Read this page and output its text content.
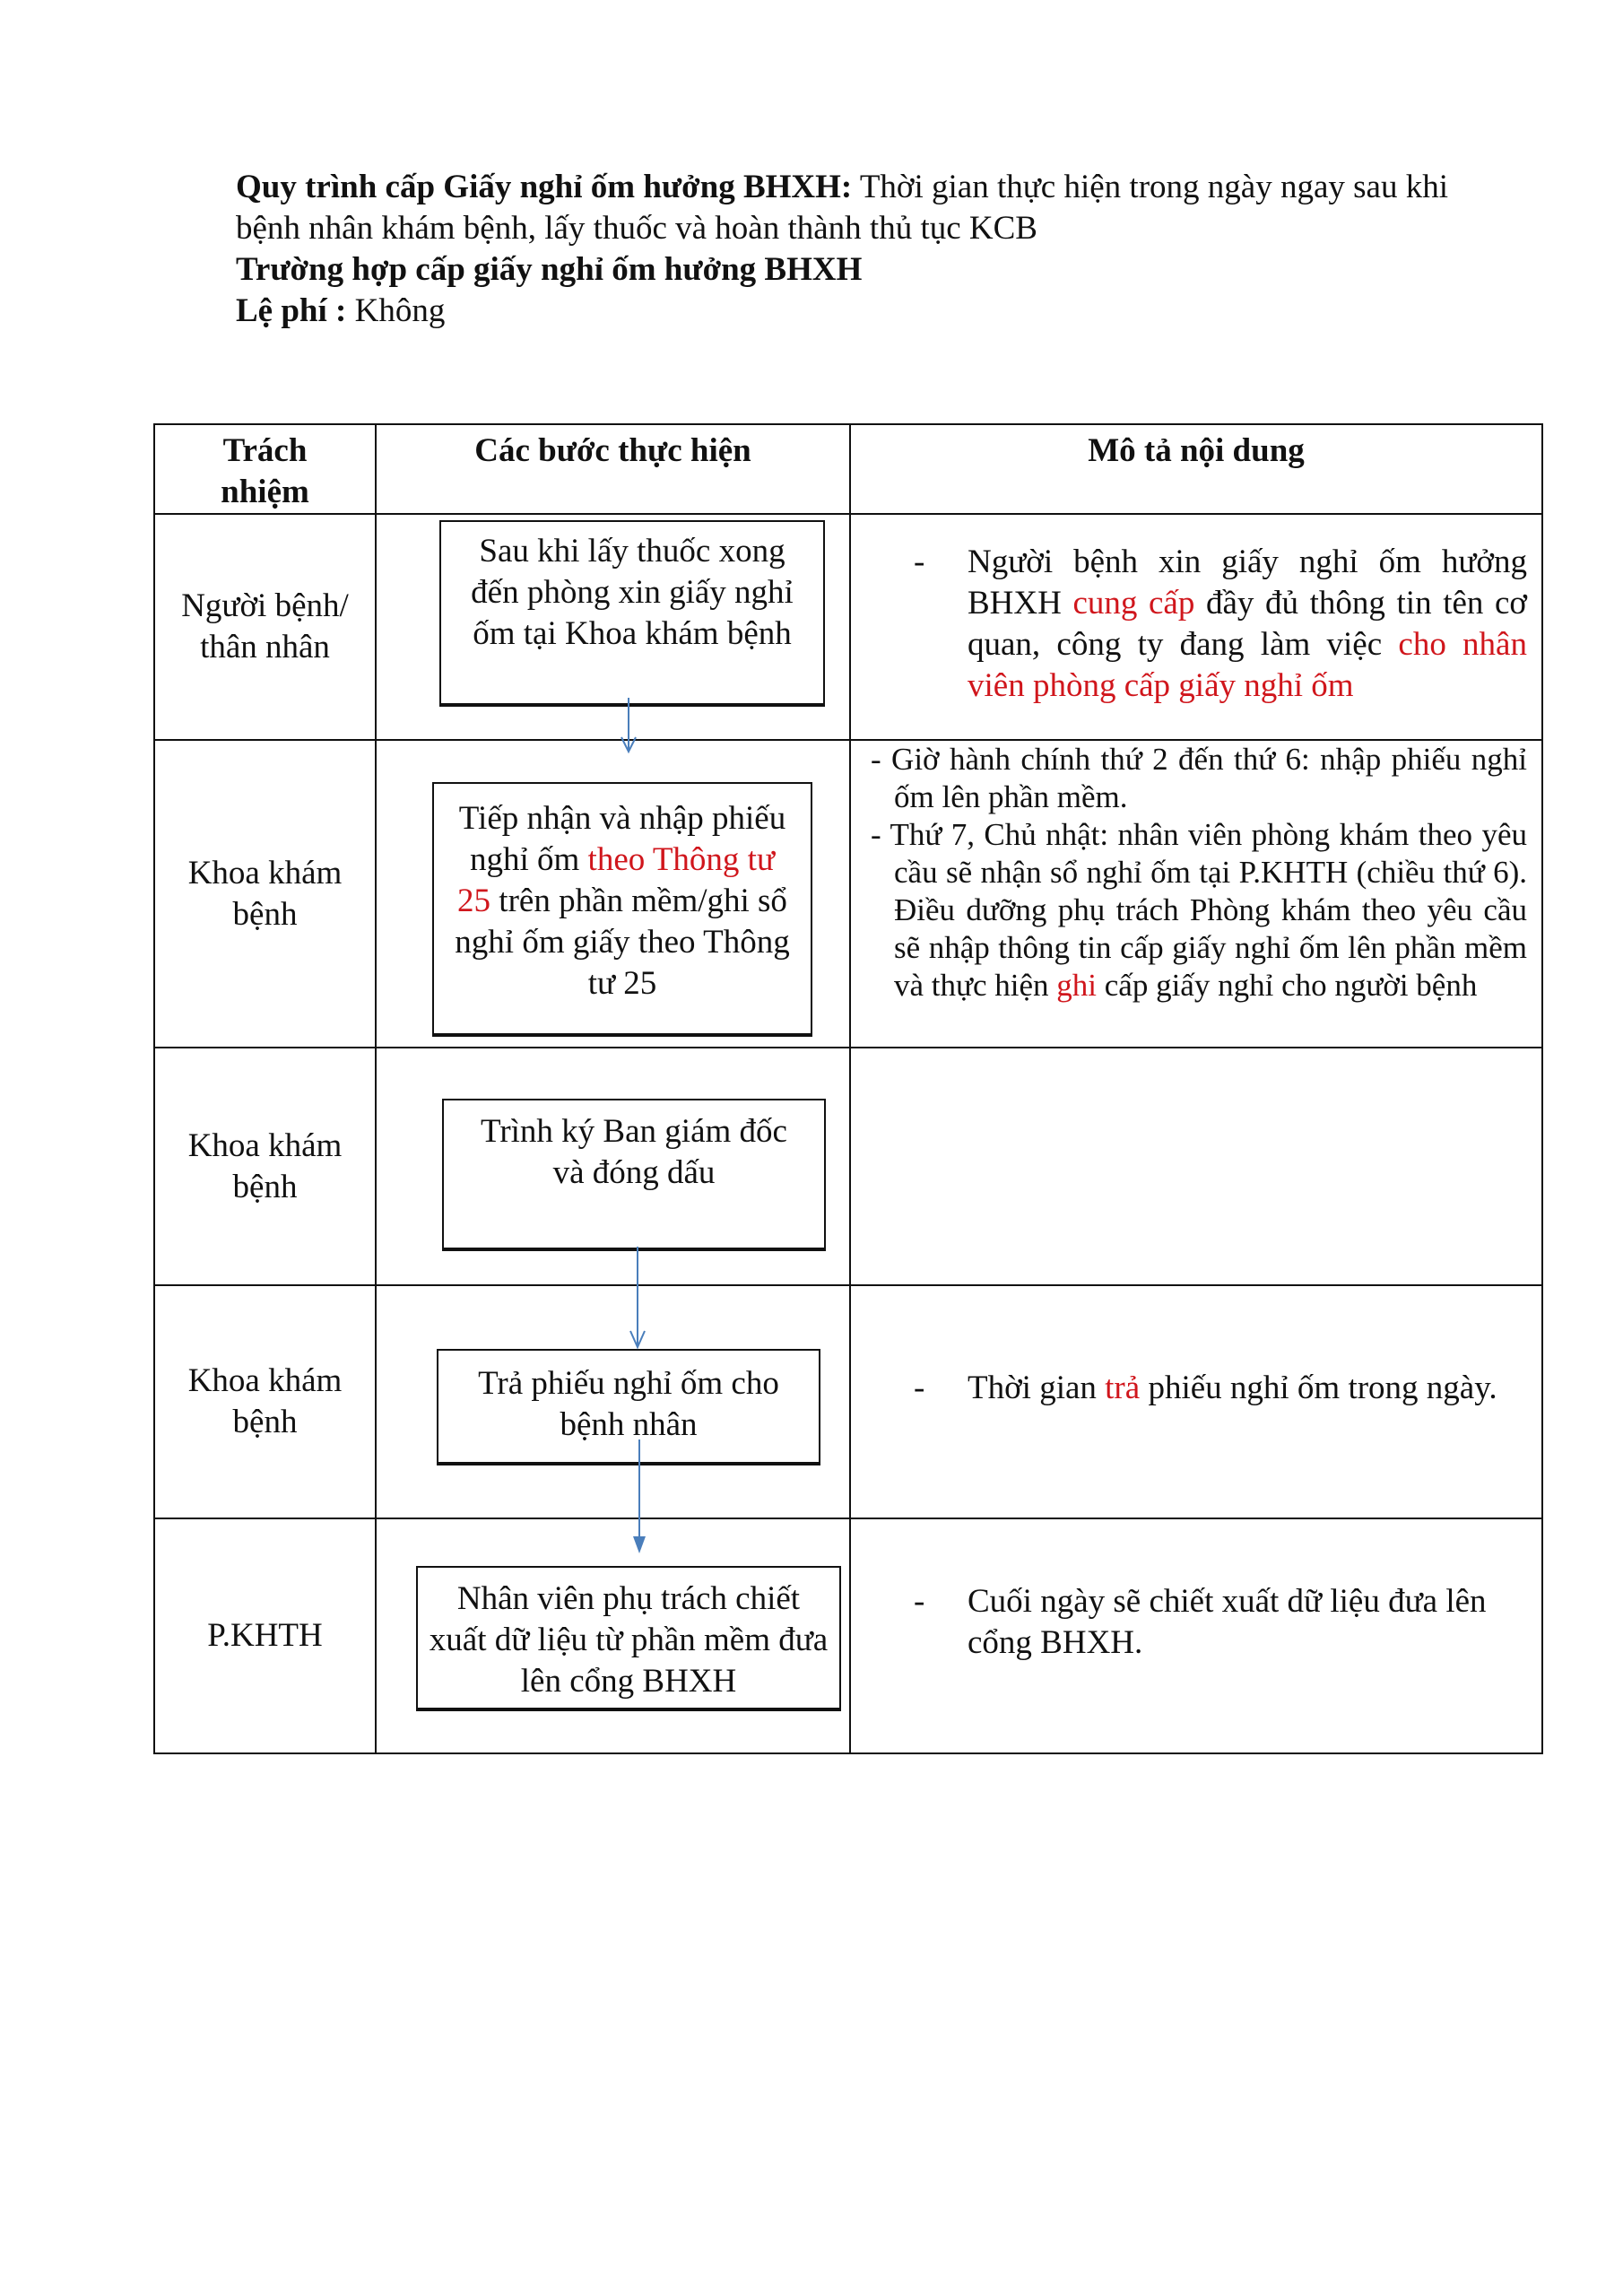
Quy trình cấp Giấy nghỉ ốm hưởng BHXH: Thời gian thực hiện trong ngày ngay sau khi bệnh nhân khám bệnh, lấy thuốc và hoàn thành thủ tục KCB

Trường hợp cấp giấy nghỉ ốm hưởng BHXH

Lệ phí : Không

Trách nhiệm	Các bước thực hiện	Mô tả nội dung
Người bệnh/ thân nhân	Sau khi lấy thuốc xong đến phòng xin giấy nghỉ ốm tại Khoa khám bệnh	- Người bệnh xin giấy nghỉ ốm hưởng BHXH cung cấp đầy đủ thông tin tên cơ quan, công ty đang làm việc cho nhân viên phòng cấp giấy nghỉ ốm

Khoa khám bệnh	Tiếp nhận và nhập phiếu nghỉ ốm theo Thông tư 25 trên phần mềm/ghi sổ nghỉ ốm giấy theo Thông tư 25	- Giờ hành chính thứ 2 đến thứ 6: nhập phiếu nghỉ ốm lên phần mềm.
- Thứ 7, Chủ nhật: nhân viên phòng khám theo yêu cầu sẽ nhận sổ nghỉ ốm tại P.KHTH (chiều thứ 6). Điều dưỡng phụ trách Phòng khám theo yêu cầu sẽ nhập thông tin cấp giấy nghỉ ốm lên phần mềm và thực hiện ghi cấp giấy nghỉ cho người bệnh

Khoa khám bệnh	Trình ký Ban giám đốc và đóng dấu	

Khoa khám bệnh	Trả phiếu nghỉ ốm cho bệnh nhân	- Thời gian trả phiếu nghỉ ốm trong ngày.

P.KHTH	Nhân viên phụ trách chiết xuất dữ liệu từ phần mềm đưa lên cổng BHXH	- Cuối ngày sẽ chiết xuất dữ liệu đưa lên cổng BHXH.
